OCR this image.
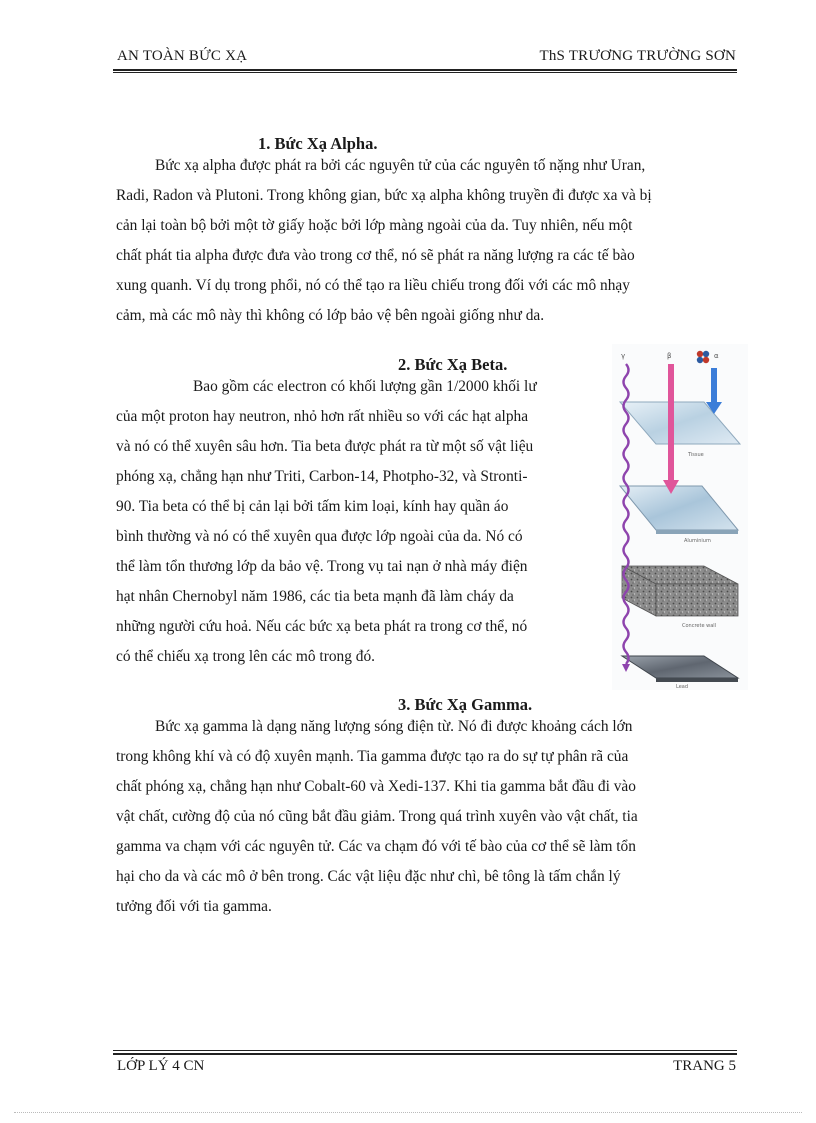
AN TOÀN BỨC XẠ	ThS TRƯƠNG TRƯỜNG SƠN
1. Bức Xạ Alpha.
Bức xạ alpha được phát ra bởi các nguyên tử của các nguyên tố nặng như Uran,
Radi, Radon và Plutoni. Trong không gian, bức xạ alpha không truyền đi được xa và bị
cản lại toàn bộ bởi một tờ giấy hoặc bởi lớp màng ngoài của da. Tuy nhiên, nếu một
chất phát tia alpha được đưa vào trong cơ thể, nó sẽ phát ra năng lượng ra các tế bào
xung quanh. Ví dụ trong phổi, nó có thể tạo ra liều chiếu trong đối với các mô nhạy
cảm, mà các mô này thì không có lớp bảo vệ bên ngoài giống như da.
2. Bức Xạ Beta.
Bao gồm các electron có khối lượng gần 1/2000 khối lư
của một proton hay neutron, nhỏ hơn rất nhiều so với các hạt alpha
và nó có thể xuyên sâu hơn. Tia beta được phát ra từ một số vật liệu
phóng xạ, chẳng hạn như Triti, Carbon-14, Photpho-32, và Stronti-
90. Tia beta có thể bị cản lại bởi tấm kim loại, kính hay quần áo
bình thường và nó có thể xuyên qua được lớp ngoài của da. Nó có
thể làm tổn thương lớp da bảo vệ. Trong vụ tai nạn ở nhà máy điện
hạt nhân Chernobyl năm 1986, các tia beta mạnh đã làm cháy da
những người cứu hoả. Nếu các bức xạ beta phát ra trong cơ thể, nó
có thể chiếu xạ trong lên các mô trong đó.
γ	β	α
Tissue
Aluminium
Concrete wall
Lead
3. Bức Xạ Gamma.
Bức xạ gamma là dạng năng lượng sóng điện từ. Nó đi được khoảng cách lớn
trong không khí và có độ xuyên mạnh. Tia gamma được tạo ra do sự tự phân rã của
chất phóng xạ, chẳng hạn như Cobalt-60 và Xedi-137. Khi tia gamma bắt đầu đi vào
vật chất, cường độ của nó cũng bắt đầu giảm. Trong quá trình xuyên vào vật chất, tia
gamma va chạm với các nguyên tử. Các va chạm đó với tế bào của cơ thể sẽ làm tổn
hại cho da và các mô ở bên trong. Các vật liệu đặc như chì, bê tông là tấm chắn lý
tưởng đối với tia gamma.
LỚP LÝ 4 CN	TRANG 5
